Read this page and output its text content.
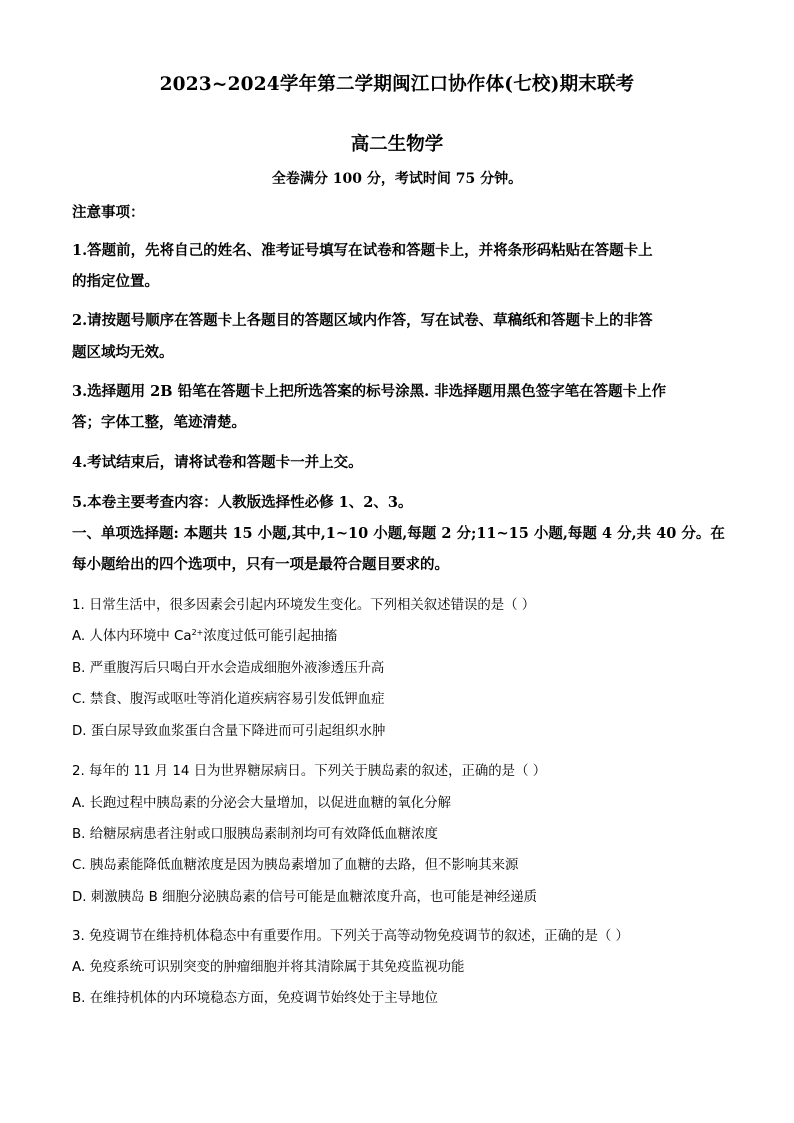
2023~2024学年第二学期闽江口协作体(七校)期末联考
高二生物学
全卷满分 100 分，考试时间 75 分钟。
注意事项：
1.答题前，先将自己的姓名、准考证号填写在试卷和答题卡上，并将条形码粘贴在答题卡上
的指定位置。
2.请按题号顺序在答题卡上各题目的答题区域内作答，写在试卷、草稿纸和答题卡上的非答
题区域均无效。
3.选择题用 2B 铅笔在答题卡上把所选答案的标号涂黑. 非选择题用黑色签字笔在答题卡上作
答；字体工整，笔迹清楚。
4.考试结束后，请将试卷和答题卡一并上交。
5.本卷主要考查内容：人教版选择性必修 1、2、3。
一、单项选择题: 本题共 15 小题,其中,1~10 小题,每题 2 分;11~15 小题,每题 4 分,共 40 分。在
每小题给出的四个选项中，只有一项是最符合题目要求的。
1. 日常生活中，很多因素会引起内环境发生变化。下列相关叙述错误的是（ ）
A. 人体内环境中 $Ca^{2+}$浓度过低可能引起抽搐
B. 严重腹泻后只喝白开水会造成细胞外液渗透压升高
C. 禁食、腹泻或呕吐等消化道疾病容易引发低钾血症
D. 蛋白尿导致血浆蛋白含量下降进而可引起组织水肿
2. 每年的 11 月 14 日为世界糖尿病日。下列关于胰岛素的叙述，正确的是（ ）
A. 长跑过程中胰岛素的分泌会大量增加，以促进血糖的氧化分解
B. 给糖尿病患者注射或口服胰岛素制剂均可有效降低血糖浓度
C. 胰岛素能降低血糖浓度是因为胰岛素增加了血糖的去路，但不影响其来源
D. 刺激胰岛 B 细胞分泌胰岛素的信号可能是血糖浓度升高，也可能是神经递质
3. 免疫调节在维持机体稳态中有重要作用。下列关于高等动物免疫调节的叙述，正确的是（ ）
A. 免疫系统可识别突变的肿瘤细胞并将其清除属于其免疫监视功能
B. 在维持机体的内环境稳态方面，免疫调节始终处于主导地位
